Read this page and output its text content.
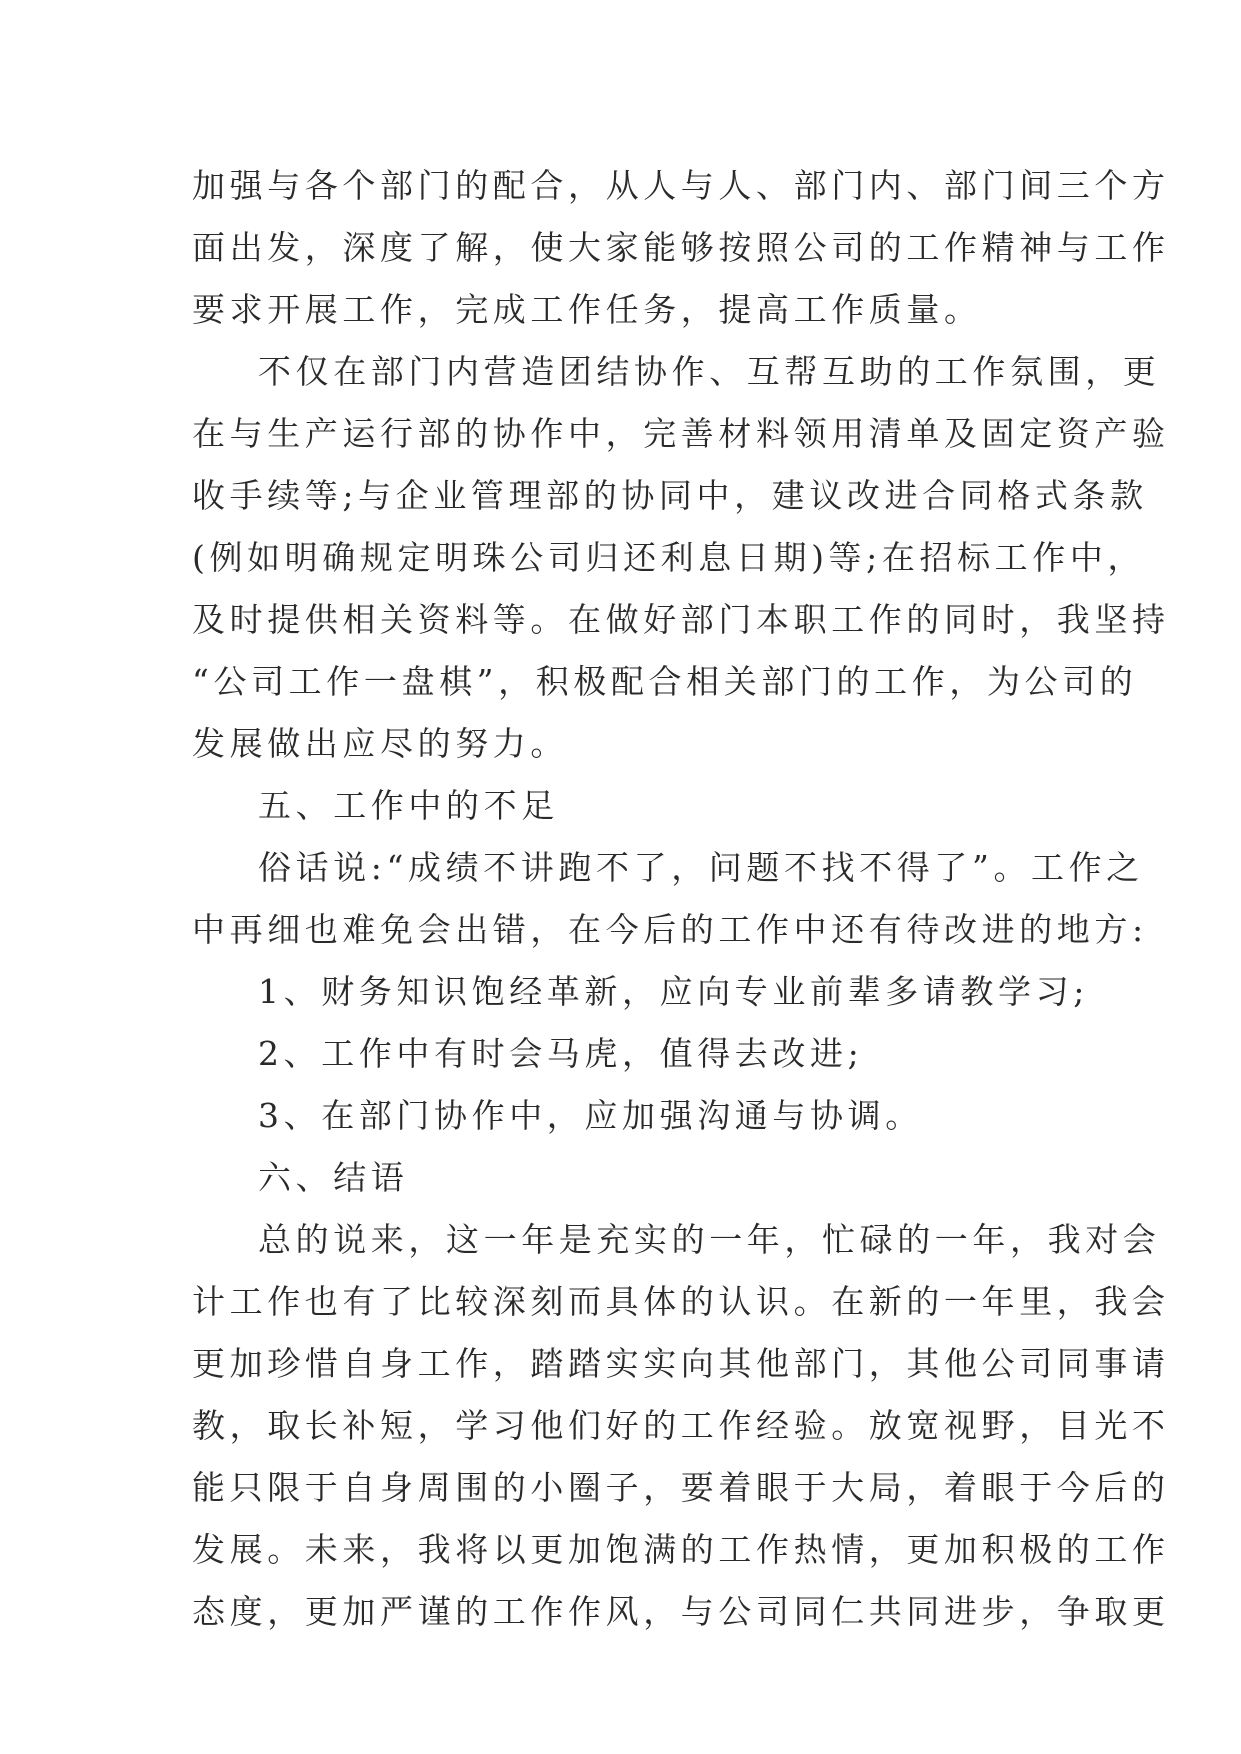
加强与各个部门的配合，从人与人、部门内、部门间三个方
面出发，深度了解，使大家能够按照公司的工作精神与工作
要求开展工作，完成工作任务，提高工作质量。
不仅在部门内营造团结协作、互帮互助的工作氛围，更
在与生产运行部的协作中，完善材料领用清单及固定资产验
收手续等;与企业管理部的协同中，建议改进合同格式条款
(例如明确规定明珠公司归还利息日期)等;在招标工作中，
及时提供相关资料等。在做好部门本职工作的同时，我坚持
“公司工作一盘棋”，积极配合相关部门的工作，为公司的
发展做出应尽的努力。
五、工作中的不足
俗话说:“成绩不讲跑不了，问题不找不得了”。工作之
中再细也难免会出错，在今后的工作中还有待改进的地方:
1、财务知识饱经革新，应向专业前辈多请教学习;
2、工作中有时会马虎，值得去改进;
3、在部门协作中，应加强沟通与协调。
六、结语
总的说来，这一年是充实的一年，忙碌的一年，我对会
计工作也有了比较深刻而具体的认识。在新的一年里，我会
更加珍惜自身工作，踏踏实实向其他部门，其他公司同事请
教，取长补短，学习他们好的工作经验。放宽视野，目光不
能只限于自身周围的小圈子，要着眼于大局，着眼于今后的
发展。未来，我将以更加饱满的工作热情，更加积极的工作
态度，更加严谨的工作作风，与公司同仁共同进步，争取更
